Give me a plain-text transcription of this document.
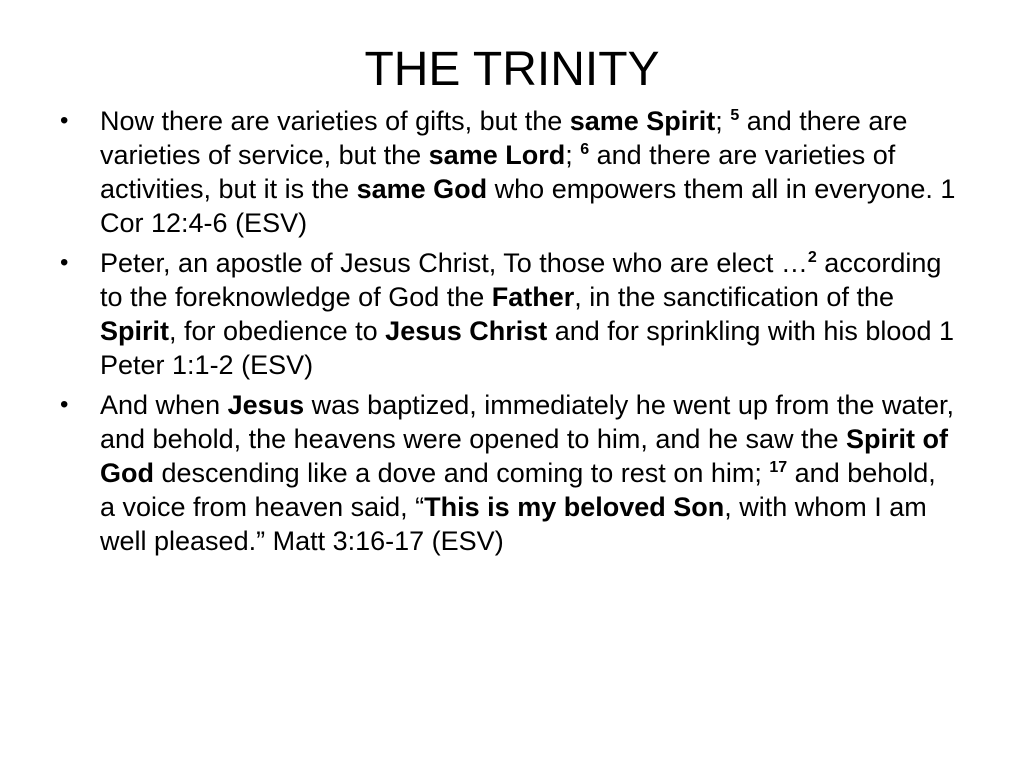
THE TRINITY
•	Now there are varieties of gifts, but the same Spirit; $^5$ and there are varieties of service, but the same Lord; $^6$ and there are varieties of activities, but it is the same God who empowers them all in everyone. 1 Cor 12:4-6 (ESV)
•	Peter, an apostle of Jesus Christ, To those who are elect …$^2$ according to the foreknowledge of God the Father, in the sanctification of the Spirit, for obedience to Jesus Christ and for sprinkling with his blood 1 Peter 1:1-2 (ESV)
•	And when Jesus was baptized, immediately he went up from the water, and behold, the heavens were opened to him, and he saw the Spirit of God descending like a dove and coming to rest on him; $^{17}$ and behold, a voice from heaven said, “This is my beloved Son, with whom I am well pleased.” Matt 3:16-17 (ESV)
